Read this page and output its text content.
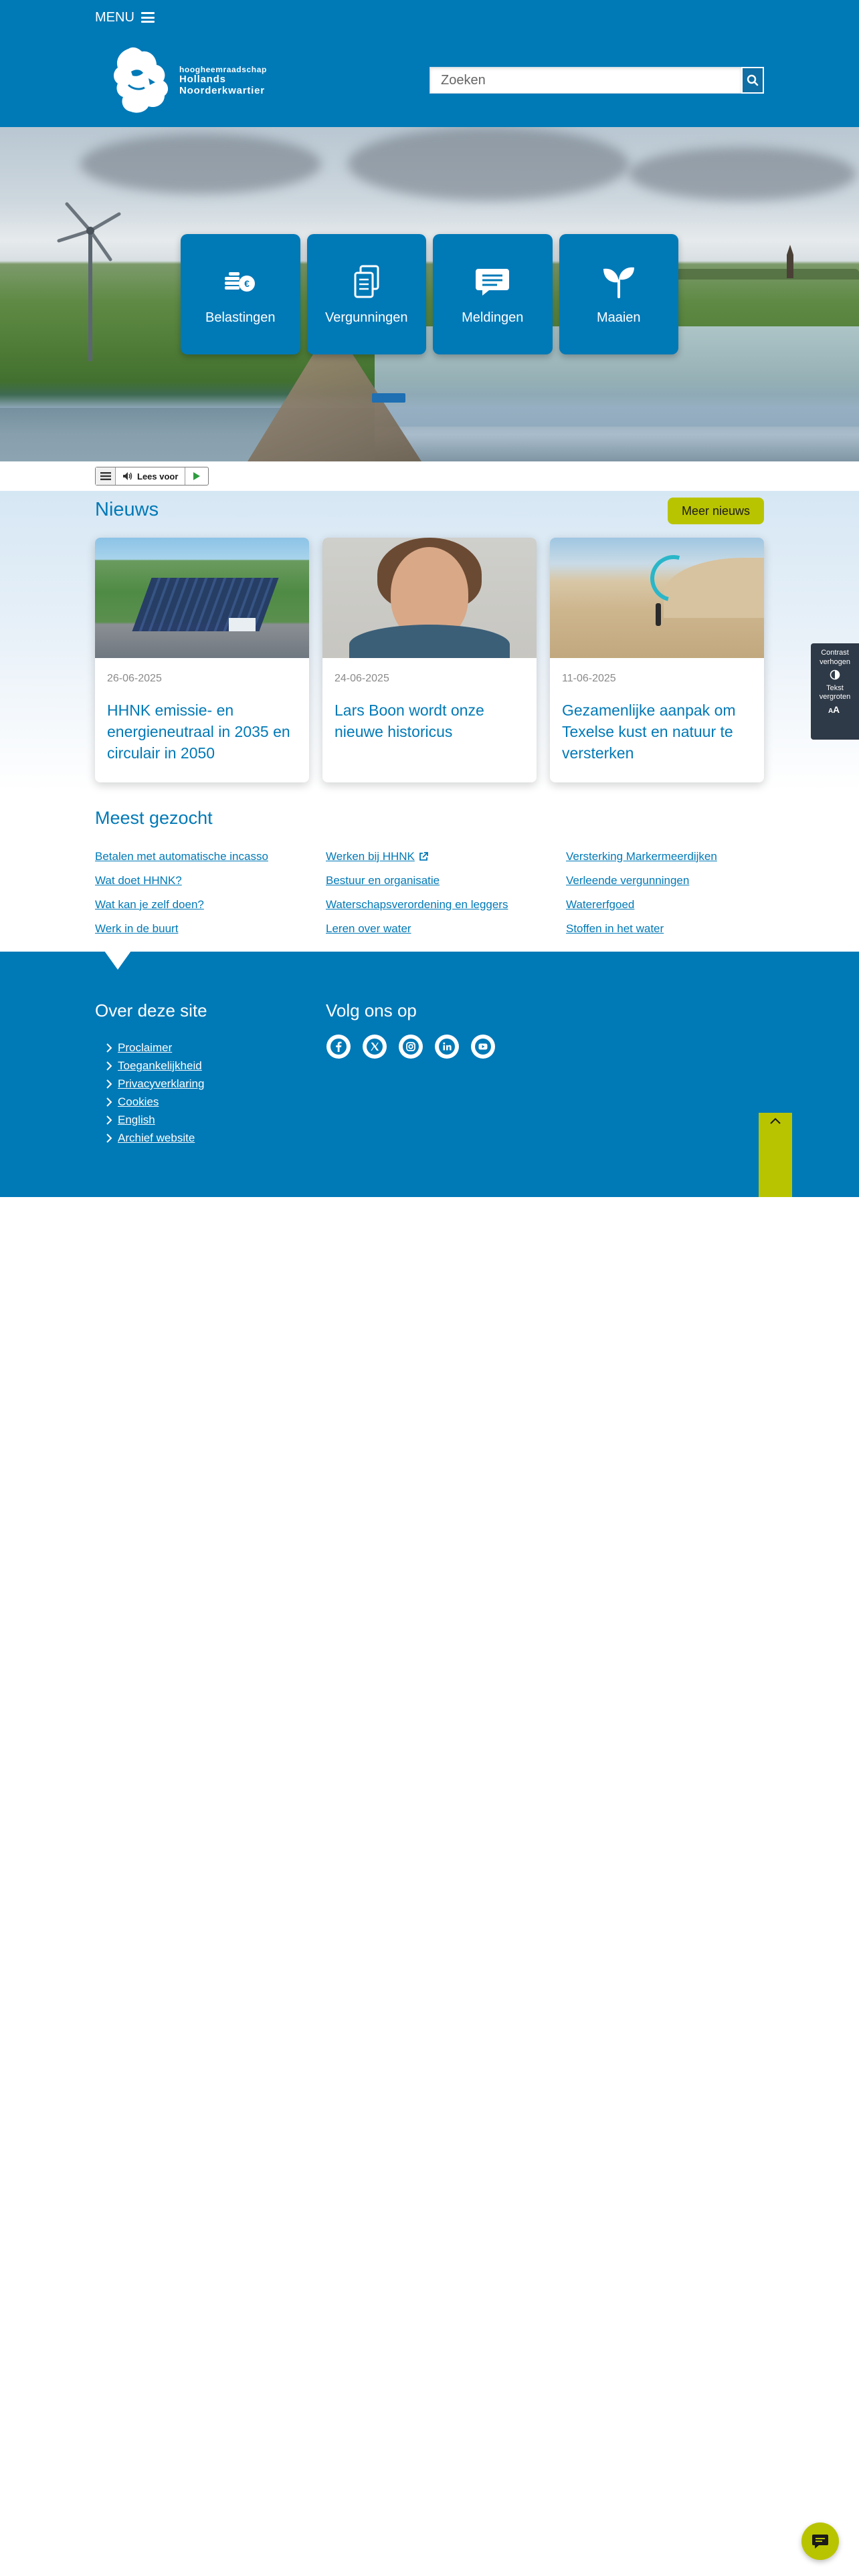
MENU
hoogheemraadschap
Hollands
Noorderkwartier
Zoeken
€
Belastingen	Vergunningen	Meldingen	Maaien
Lees voor
Nieuws	Meer nieuws
26-06-2025
HHNK emissie- en energieneutraal in 2035 en circulair in 2050
24-06-2025
Lars Boon wordt onze nieuwe historicus
11-06-2025
Gezamenlijke aanpak om Texelse kust en natuur te versterken
Meest gezocht
Betalen met automatische incasso
Wat doet HHNK?
Wat kan je zelf doen?
Werk in de buurt
Werken bij HHNK
Bestuur en organisatie
Waterschapsverordening en leggers
Leren over water
Versterking Markermeerdijken
Verleende vergunningen
Watererfgoed
Stoffen in het water
Over deze site
Proclaimer
Toegankelijkheid
Privacyverklaring
Cookies
English
Archief website
Volg ons op
Contrast verhogen
Tekst vergroten
A A
